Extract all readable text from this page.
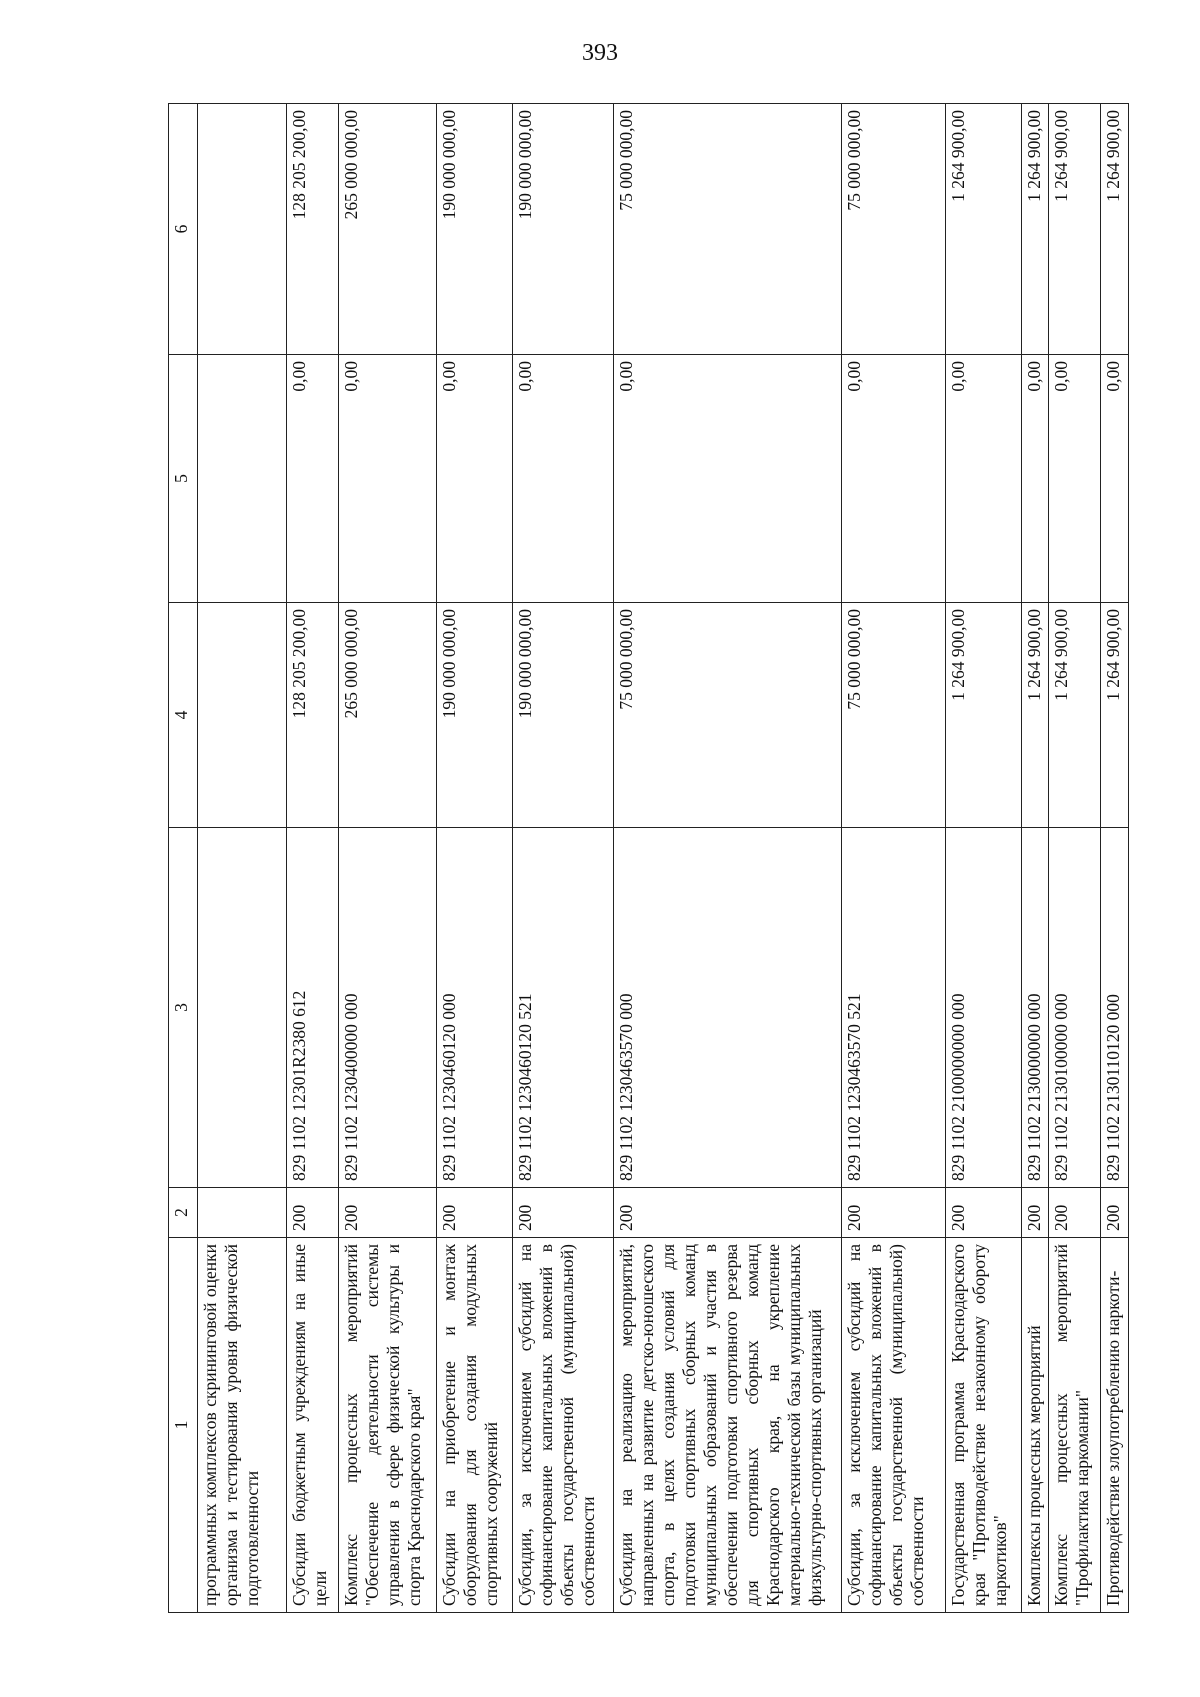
393
1	2	3	4	5	6
программных комплексов скрининговой оценки организма и тестирования уровня физической подготовленности					
Субсидии бюджетным учреждениям на иные цели	200	829 1102 12301R2380 612	128 205 200,00	0,00	128 205 200,00
Комплекс процессных мероприятий "Обеспечение деятельности системы управления в сфере физической культуры и спорта Краснодарского края"	200	829 1102 1230400000 000	265 000 000,00	0,00	265 000 000,00
Субсидии на приобретение и монтаж оборудования для создания модульных спортивных сооружений	200	829 1102 1230460120 000	190 000 000,00	0,00	190 000 000,00
Субсидии, за исключением субсидий на софинансирование капитальных вложений в объекты государственной (муниципальной) собственности	200	829 1102 1230460120 521	190 000 000,00	0,00	190 000 000,00
Субсидии на реализацию мероприятий, направленных на развитие детско-юношеского спорта, в целях создания условий для подготовки спортивных сборных команд муниципальных образований и участия в обеспечении подготовки спортивного резерва для спортивных сборных команд Краснодарского края, на укрепление материально-технической базы муниципальных физкультурно-спортивных организаций	200	829 1102 1230463570 000	75 000 000,00	0,00	75 000 000,00
Субсидии, за исключением субсидий на софинансирование капитальных вложений в объекты государственной (муниципальной) собственности	200	829 1102 1230463570 521	75 000 000,00	0,00	75 000 000,00
Государственная программа Краснодарского края "Противодействие незаконному обороту наркотиков"	200	829 1102 2100000000 000	1 264 900,00	0,00	1 264 900,00
Комплексы процессных мероприятий	200	829 1102 2130000000 000	1 264 900,00	0,00	1 264 900,00
Комплекс процессных мероприятий "Профилактика наркомании"	200	829 1102 2130100000 000	1 264 900,00	0,00	1 264 900,00
Противодействие злоупотреблению наркоти-	200	829 1102 2130110120 000	1 264 900,00	0,00	1 264 900,00
